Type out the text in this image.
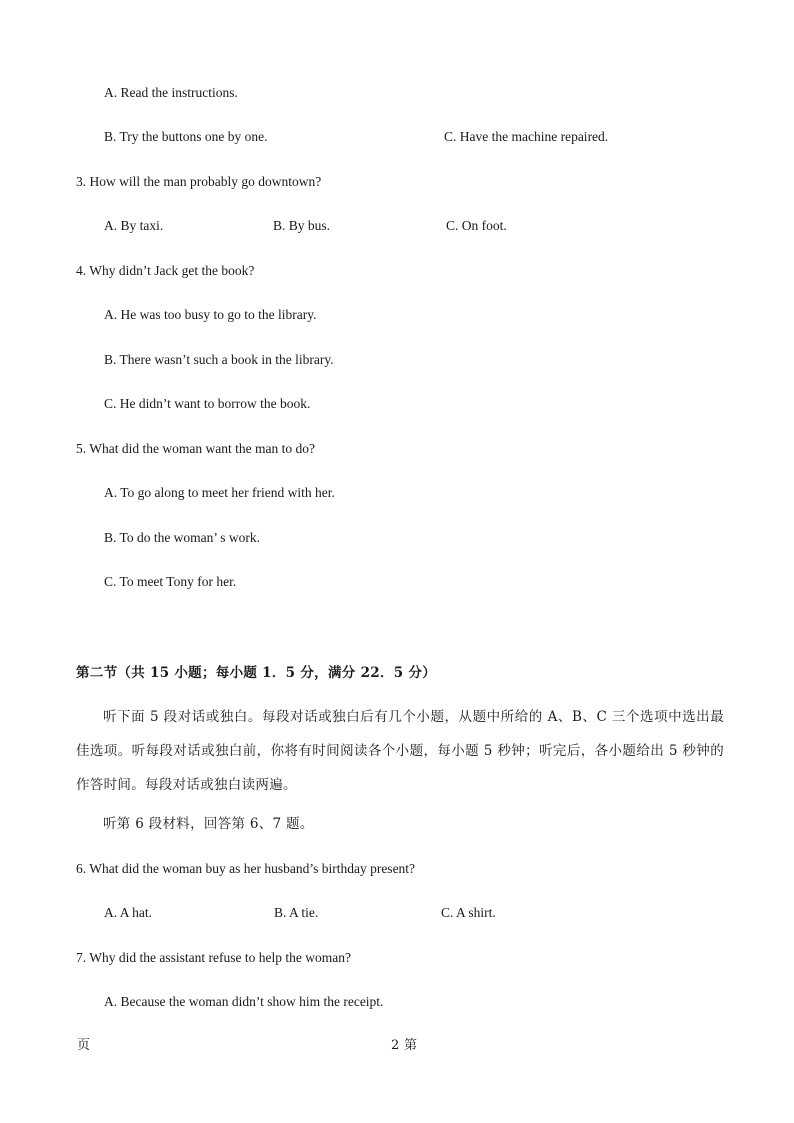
A. Read the instructions.
B. Try the buttons one by one.	C. Have the machine repaired.
3. How will the man probably go downtown?
A. By taxi.	B. By bus.	C. On foot.
4. Why didn’t Jack get the book?
A. He was too busy to go to the library.
B. There wasn’t such a book in the library.
C. He didn’t want to borrow the book.
5. What did the woman want the man to do?
A. To go along to meet her friend with her.
B. To do the woman’ s work.
C. To meet Tony for her.
第二节（共 15 小题；每小题 1．5 分，满分 22．5 分）
听下面 5 段对话或独白。每段对话或独白后有几个小题，从题中所给的 A、B、C 三个选项中选出最佳选项。听每段对话或独白前，你将有时间阅读各个小题，每小题 5 秒钟；听完后，各小题给出 5 秒钟的作答时间。每段对话或独白读两遍。
听第 6 段材料，回答第 6、7 题。
6. What did the woman buy as her husband’s birthday present?
A. A hat.	B. A tie.	C. A shirt.
7. Why did the assistant refuse to help the woman?
A. Because the woman didn’t show him the receipt.
页	2 第
